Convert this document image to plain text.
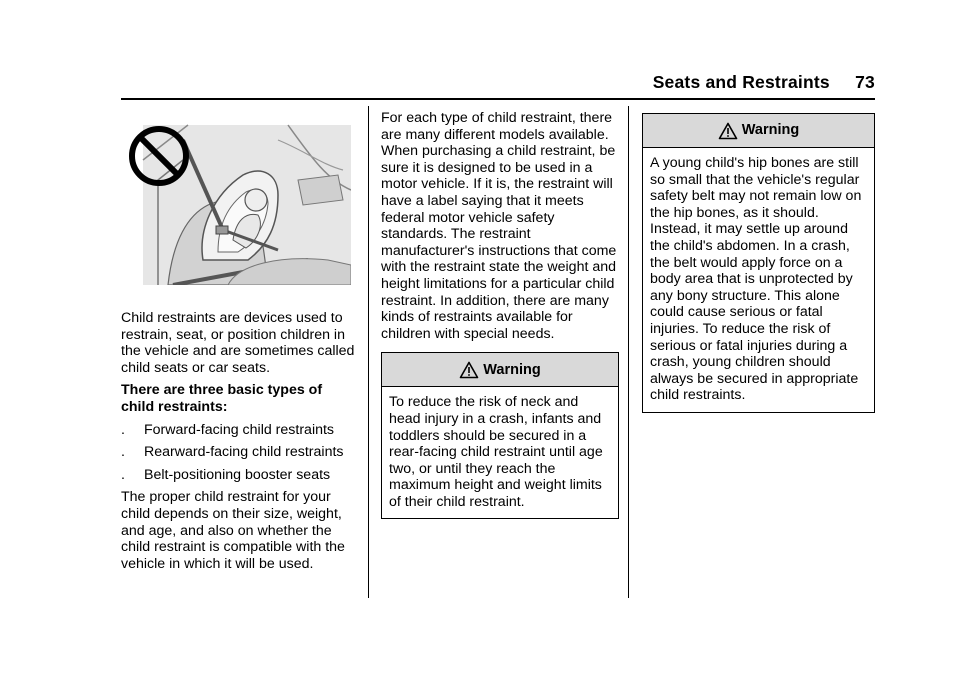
Seats and Restraints 73

Child restraints are devices used to restrain, seat, or position children in the vehicle and are sometimes called child seats or car seats.

There are three basic types of child restraints:

. Forward-facing child restraints
. Rearward-facing child restraints
. Belt-positioning booster seats

The proper child restraint for your child depends on their size, weight, and age, and also on whether the child restraint is compatible with the vehicle in which it will be used.

For each type of child restraint, there are many different models available. When purchasing a child restraint, be sure it is designed to be used in a motor vehicle. If it is, the restraint will have a label saying that it meets federal motor vehicle safety standards. The restraint manufacturer's instructions that come with the restraint state the weight and height limitations for a particular child restraint. In addition, there are many kinds of restraints available for children with special needs.

Warning
To reduce the risk of neck and head injury in a crash, infants and toddlers should be secured in a rear-facing child restraint until age two, or until they reach the maximum height and weight limits of their child restraint.
Warning
A young child's hip bones are still so small that the vehicle's regular safety belt may not remain low on the hip bones, as it should. Instead, it may settle up around the child's abdomen. In a crash, the belt would apply force on a body area that is unprotected by any bony structure. This alone could cause serious or fatal injuries. To reduce the risk of serious or fatal injuries during a crash, young children should always be secured in appropriate child restraints.
